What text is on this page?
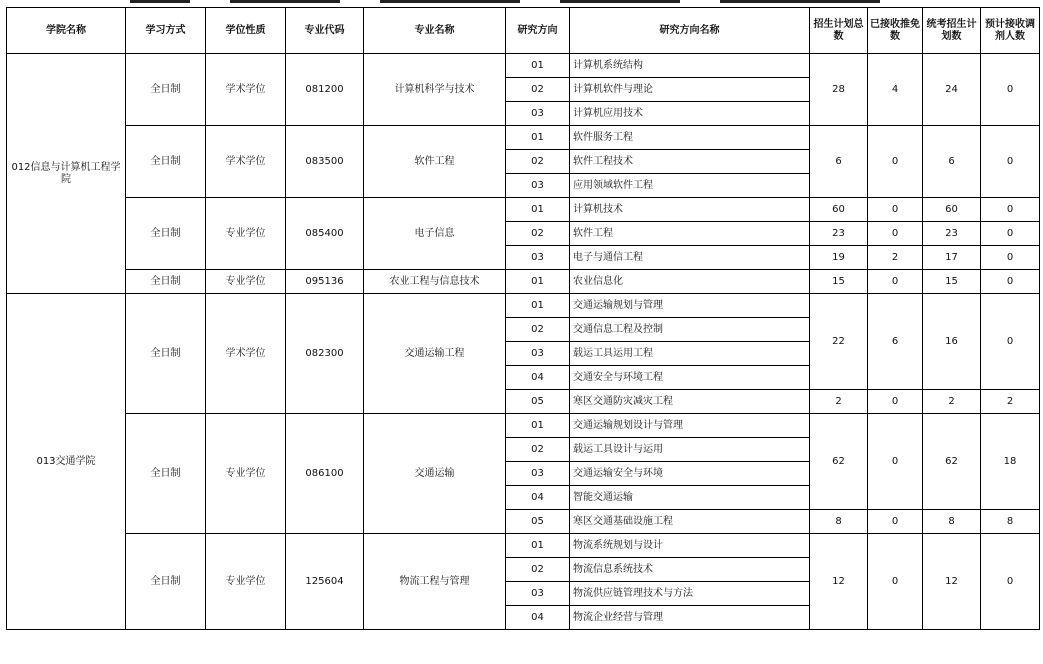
学院名称	学习方式	学位性质	专业代码	专业名称	研究方向	研究方向名称	招生计划总数	已接收推免数	统考招生计划数	预计接收调剂人数
012信息与计算机工程学院	全日制	学术学位	081200	计算机科学与技术	01	计算机系统结构	28	4	24	0
					02	计算机软件与理论				
					03	计算机应用技术				
	全日制	学术学位	083500	软件工程	01	软件服务工程	6	0	6	0
					02	软件工程技术				
					03	应用领域软件工程				
	全日制	专业学位	085400	电子信息	01	计算机技术	60	0	60	0
					02	软件工程	23	0	23	0
					03	电子与通信工程	19	2	17	0
	全日制	专业学位	095136	农业工程与信息技术	01	农业信息化	15	0	15	0
013交通学院	全日制	学术学位	082300	交通运输工程	01	交通运输规划与管理	22	6	16	0
					02	交通信息工程及控制				
					03	载运工具运用工程				
					04	交通安全与环境工程				
					05	寒区交通防灾减灾工程	2	0	2	2
	全日制	专业学位	086100	交通运输	01	交通运输规划设计与管理	62	0	62	18
					02	载运工具设计与运用				
					03	交通运输安全与环境				
					04	智能交通运输				
					05	寒区交通基础设施工程	8	0	8	8
	全日制	专业学位	125604	物流工程与管理	01	物流系统规划与设计	12	0	12	0
					02	物流信息系统技术				
					03	物流供应链管理技术与方法				
					04	物流企业经营与管理				
